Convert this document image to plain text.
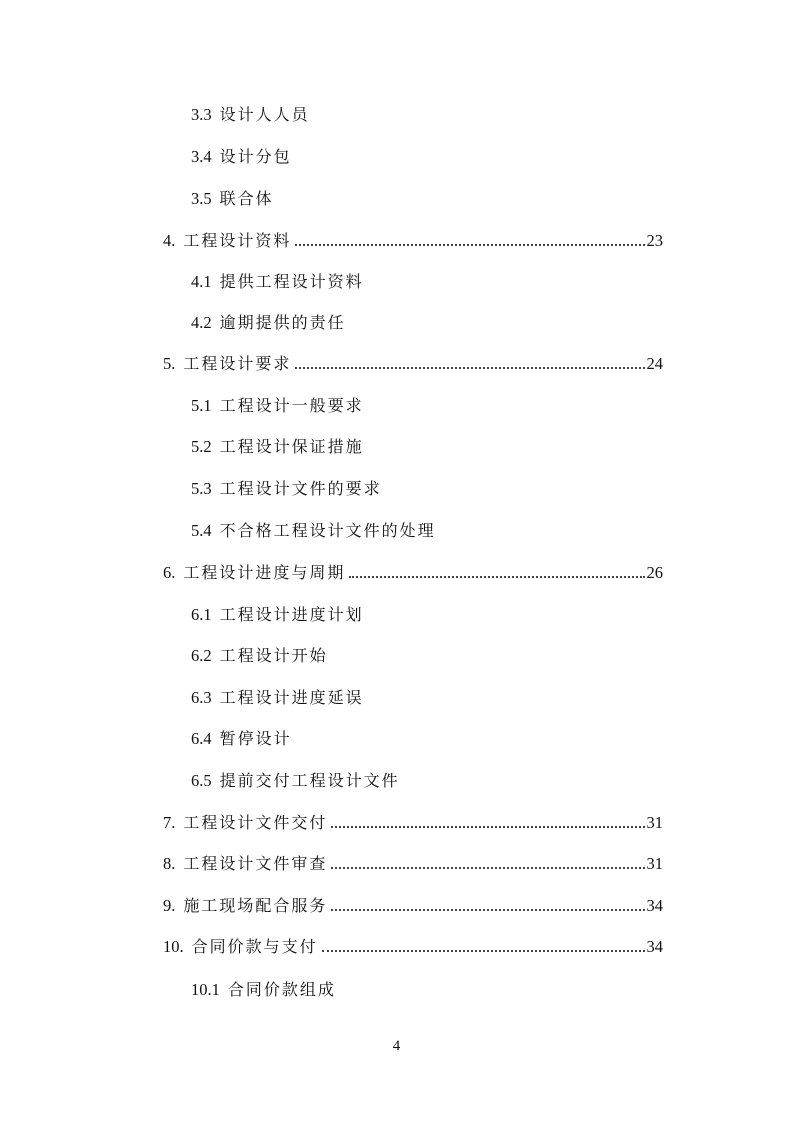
3.3 设计人人员
3.4 设计分包
3.5 联合体
4. 工程设计资料	23
4.1 提供工程设计资料
4.2 逾期提供的责任
5. 工程设计要求	24
5.1 工程设计一般要求
5.2 工程设计保证措施
5.3 工程设计文件的要求
5.4 不合格工程设计文件的处理
6. 工程设计进度与周期	26
6.1 工程设计进度计划
6.2 工程设计开始
6.3 工程设计进度延误
6.4 暂停设计
6.5 提前交付工程设计文件
7. 工程设计文件交付	31
8. 工程设计文件审查	31
9. 施工现场配合服务	34
10. 合同价款与支付	34
10.1 合同价款组成
4
